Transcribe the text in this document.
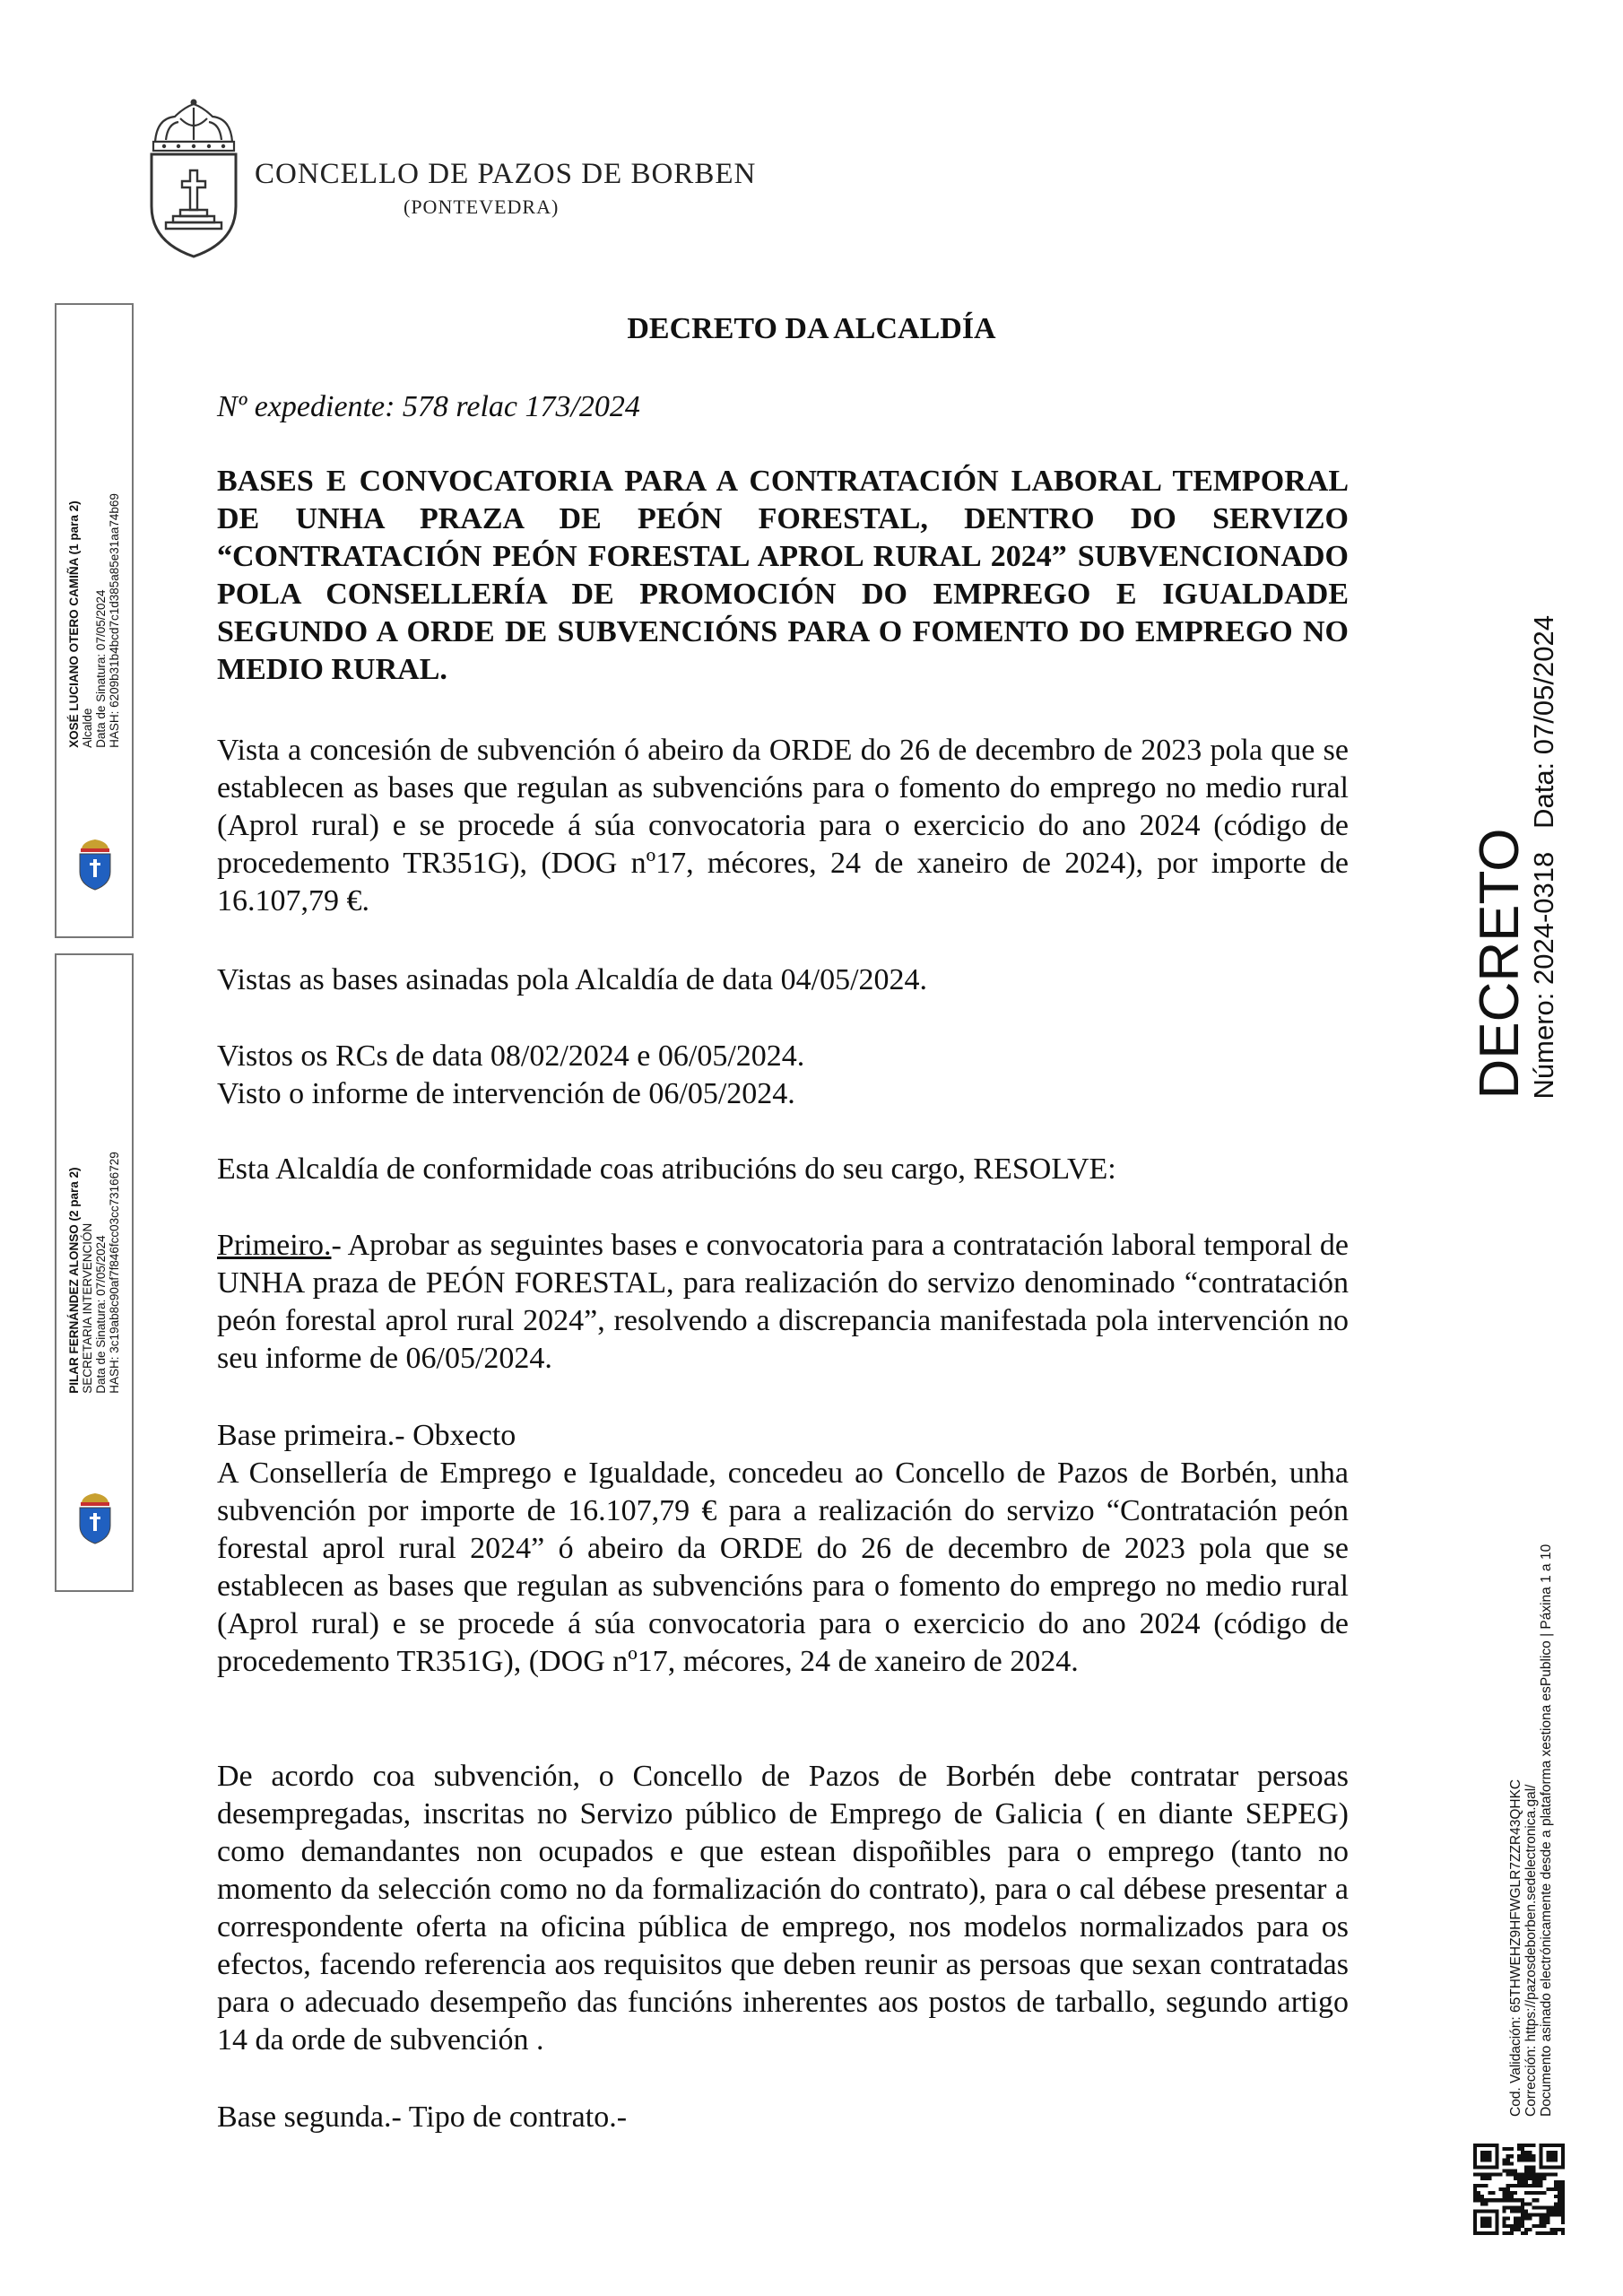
CONCELLO DE PAZOS DE BORBEN
(PONTEVEDRA)
XOSÉ LUCIANO OTERO CAMIÑA (1 para 2) Alcalde Data de Sinatura: 07/05/2024 HASH: 6209b31b4bcd7c1d385a85e31aa74b69
PILAR FERNÁNDEZ ALONSO (2 para 2) SECRETARIA INTERVENCIÓN Data de Sinatura: 07/05/2024 HASH: 3c19ab8c90af7f846fcc03cc73166729
DECRETO DA ALCALDÍA
Nº expediente: 578 relac 173/2024
BASES E CONVOCATORIA PARA A CONTRATACIÓN LABORAL TEMPORAL DE UNHA PRAZA DE PEÓN FORESTAL, DENTRO DO SERVIZO “CONTRATACIÓN PEÓN FORESTAL APROL RURAL 2024” SUBVENCIONADO POLA CONSELLERÍA DE PROMOCIÓN DO EMPREGO E IGUALDADE SEGUNDO A ORDE DE SUBVENCIÓNS PARA O FOMENTO DO EMPREGO NO MEDIO RURAL.
Vista a concesión de subvención ó abeiro da ORDE do 26 de decembro de 2023 pola que se establecen as bases que regulan as subvencións para o fomento do emprego no medio rural (Aprol rural) e se procede á súa convocatoria para o exercicio do ano 2024 (código de procedemento TR351G), (DOG nº17, mécores, 24 de xaneiro de 2024), por importe de 16.107,79 €.
Vistas as bases asinadas pola Alcaldía de data 04/05/2024.
Vistos os RCs de data 08/02/2024 e 06/05/2024.
Visto o informe de intervención de 06/05/2024.
Esta Alcaldía de conformidade coas atribucións do seu cargo, RESOLVE:
Primeiro.- Aprobar as seguintes bases e convocatoria para a contratación laboral temporal de UNHA praza de PEÓN FORESTAL, para realización do servizo denominado “contratación peón forestal aprol rural 2024”, resolvendo a discrepancia manifestada pola intervención no seu informe de 06/05/2024.
Base primeira.- Obxecto
A Consellería de Emprego e Igualdade, concedeu ao Concello de Pazos de Borbén, unha subvención por importe de 16.107,79 € para a realización do servizo “Contratación peón forestal aprol rural 2024” ó abeiro da ORDE do 26 de decembro de 2023 pola que se establecen as bases que regulan as subvencións para o fomento do emprego no medio rural (Aprol rural) e se procede á súa convocatoria para o exercicio do ano 2024 (código de procedemento TR351G), (DOG nº17, mécores, 24 de xaneiro de 2024.
De acordo coa subvención, o Concello de Pazos de Borbén debe contratar persoas desempregadas, inscritas no Servizo público de Emprego de Galicia ( en diante SEPEG) como demandantes non ocupados e que estean dispoñibles para o emprego (tanto no momento da selección como no da formalización do contrato), para o cal débese presentar a correspondente oferta na oficina pública de emprego, nos modelos normalizados para os efectos, facendo referencia aos requisitos que deben reunir as persoas que sexan contratadas para o adecuado desempeño das funcións inherentes aos postos de tarballo, segundo artigo 14 da orde de subvención .
Base segunda.- Tipo de contrato.-
DECRETO
Número: 2024-0318   Data: 07/05/2024
Cod. Validación: 65THWEHZ9HFWGLR7ZZR43QHKC Corrección: https://pazosdeborben.sedelectronica.gal/ Documento asinado electrónicamente desde a plataforma xestiona esPublico | Páxina 1 a 10
